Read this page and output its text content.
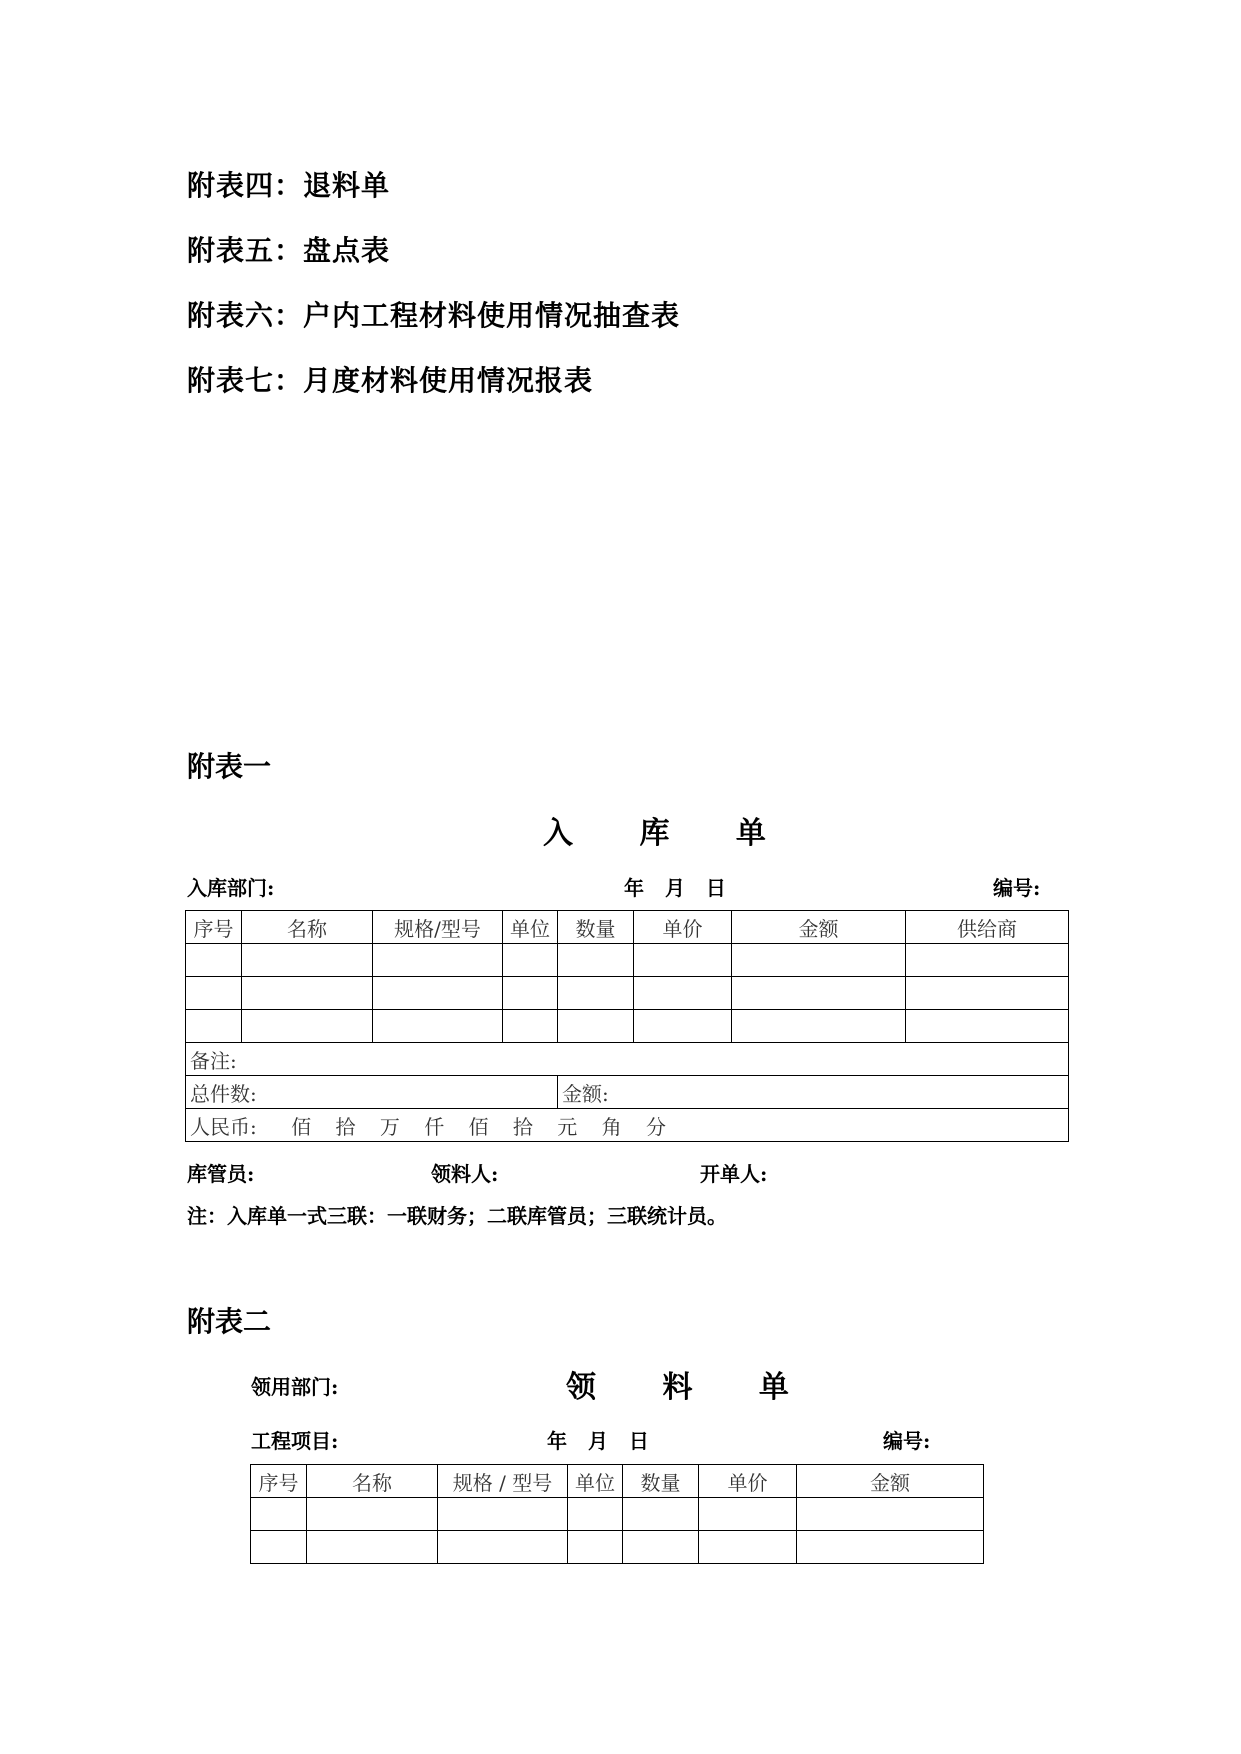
附表四：退料单
附表五：盘点表
附表六：户内工程材料使用情况抽查表
附表七：月度材料使用情况报表
附表一
入 库 单
入库部门:	年 月 日	编号:
序号	名称	规格/型号	单位	数量	单价	金额	供给商

备注:							
总件数:				金额:			
人民币: 佰 拾 万 仟 佰 拾 元 角 分							
库管员:	领料人:	开单人:
注：入库单一式三联：一联财务；二联库管员；三联统计员。
附表二
领用部门:	领 料 单
工程项目:	年 月 日	编号:
序号	名称	规格 / 型号	单位	数量	单价	金额
